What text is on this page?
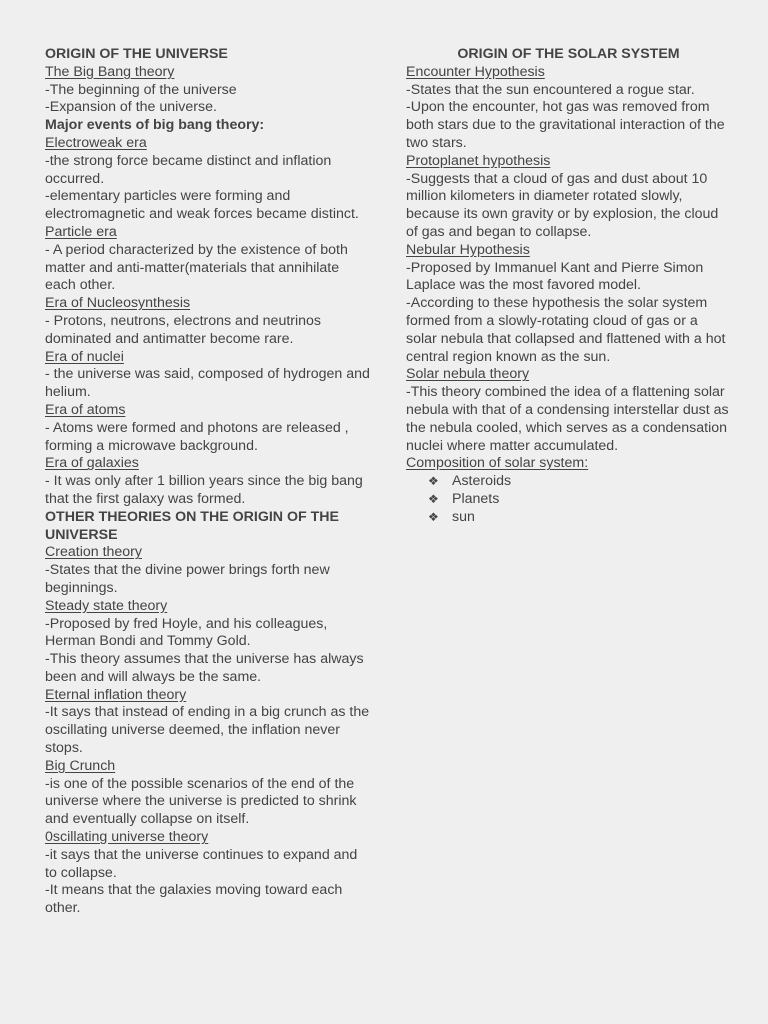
ORIGIN OF THE UNIVERSE
The Big Bang theory
-The beginning of the universe
-Expansion of the universe.
Major events of big bang theory:
Electroweak era
-the strong force became distinct and inflation occurred.
-elementary particles were forming and electromagnetic and weak forces became distinct.
Particle era
- A period characterized by the existence of both matter and anti-matter(materials that annihilate each other.
Era of Nucleosynthesis
- Protons, neutrons, electrons and neutrinos dominated and antimatter become rare.
Era of nuclei
- the universe was said, composed of hydrogen and helium.
Era of atoms
- Atoms were formed and photons are released , forming a microwave background.
Era of galaxies
- It was only after 1 billion years since the big bang that the first galaxy was formed.
OTHER THEORIES ON THE ORIGIN OF THE UNIVERSE
Creation theory
-States that the divine power brings forth new beginnings.
Steady state theory
-Proposed by fred Hoyle, and his colleagues, Herman Bondi and Tommy Gold.
-This theory assumes that the universe has always been and will always be the same.
Eternal inflation theory
-It says that instead of ending in a big crunch as the oscillating universe deemed, the inflation never stops.
Big Crunch
-is one of the possible scenarios of the end of the universe where the universe is predicted to shrink and eventually collapse on itself.
0scillating universe theory
-it says that the universe continues to expand and to collapse.
-It means that the galaxies moving toward each other.
ORIGIN OF THE SOLAR SYSTEM
Encounter Hypothesis
-States that the sun encountered a rogue star.
-Upon the encounter, hot gas was removed from both stars due to the gravitational interaction of the two stars.
Protoplanet hypothesis
-Suggests that a cloud of gas and dust about 10 million kilometers in diameter rotated slowly, because its own gravity or by explosion, the cloud of gas and began to collapse.
Nebular Hypothesis
-Proposed by Immanuel Kant and Pierre Simon Laplace was the most favored model.
-According to these hypothesis the solar system formed from a slowly-rotating cloud of gas or a solar nebula that collapsed and flattened with a hot central region known as the sun.
Solar nebula theory
-This theory combined the idea of a flattening solar nebula with that of a condensing interstellar dust as the nebula cooled, which serves as a condensation nuclei where matter accumulated.
Composition of solar system:
❖ Asteroids
❖ Planets
❖ sun
